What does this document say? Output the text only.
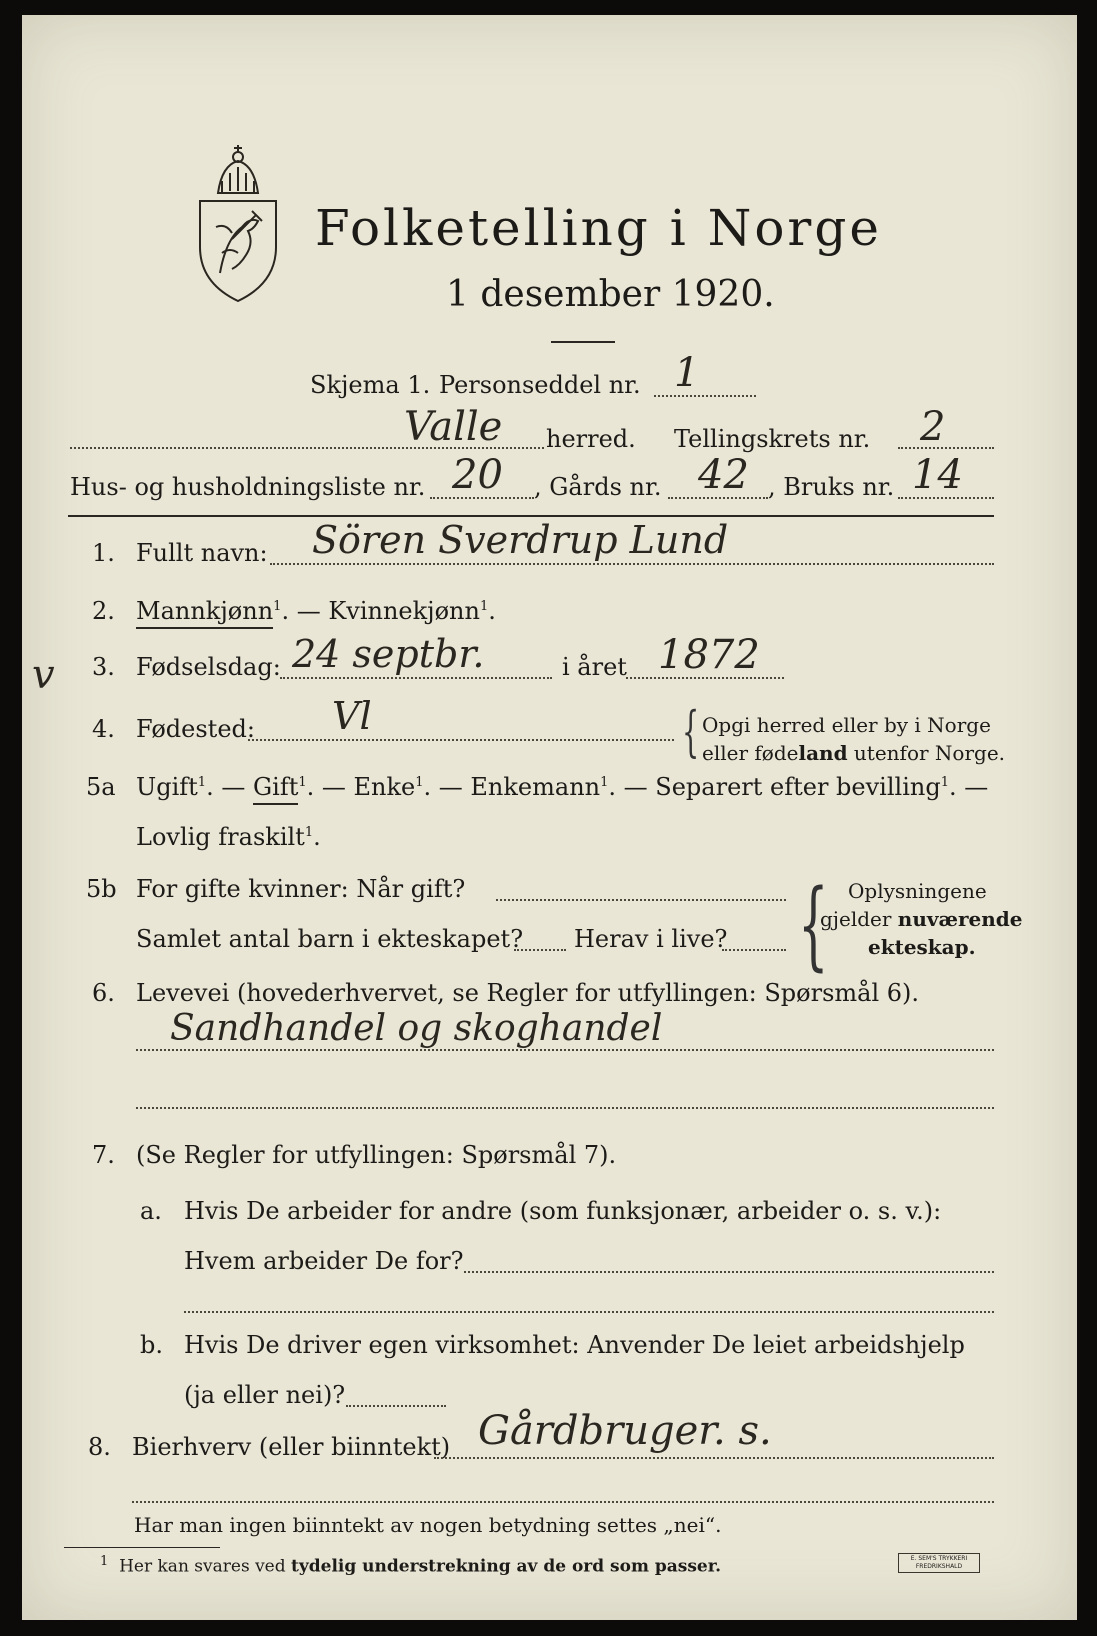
Folketelling i Norge
1 desember 1920.
Skjema 1. Personseddel nr. 1
Valle herred. Tellingskrets nr. 2
Hus- og husholdningsliste nr. 20 , Gårds nr. 42 , Bruks nr. 14
1. Fullt navn: Sören Sverdrup Lund
2. Mannkjønn$^1$. — Kvinnekjønn$^1$.
v 3. Fødselsdag: 24 septbr.	i året 1872
4. Fødested: Vl	{ Opgi herred eller by i Norge
eller fødeland utenfor Norge.
5a Ugift$^1$. — Gift$^1$. — Enke$^1$. — Enkemann$^1$. — Separert efter bevilling$^1$. —
Lovlig fraskilt$^1$.
5b For gifte kvinner: Når gift?
Samlet antal barn i ekteskapet? Herav i live? { Oplysningene
gjelder nuværende
ekteskap.
6. Levevei (hovederhvervet, se Regler for utfyllingen: Spørsmål 6).
Sandhandel og skoghandel
7. (Se Regler for utfyllingen: Spørsmål 7).
a. Hvis De arbeider for andre (som funksjonær, arbeider o. s. v.):
Hvem arbeider De for?
b. Hvis De driver egen virksomhet: Anvender De leiet arbeidshjelp
(ja eller nei)?
8. Bierhverv (eller biinntekt) Gårdbruger. s.
Har man ingen biinntekt av nogen betydning settes „nei“.
$^1$ Her kan svares ved tydelig understrekning av de ord som passer.	E. SEM'S TRYKKERI FREDRIKSHALD
